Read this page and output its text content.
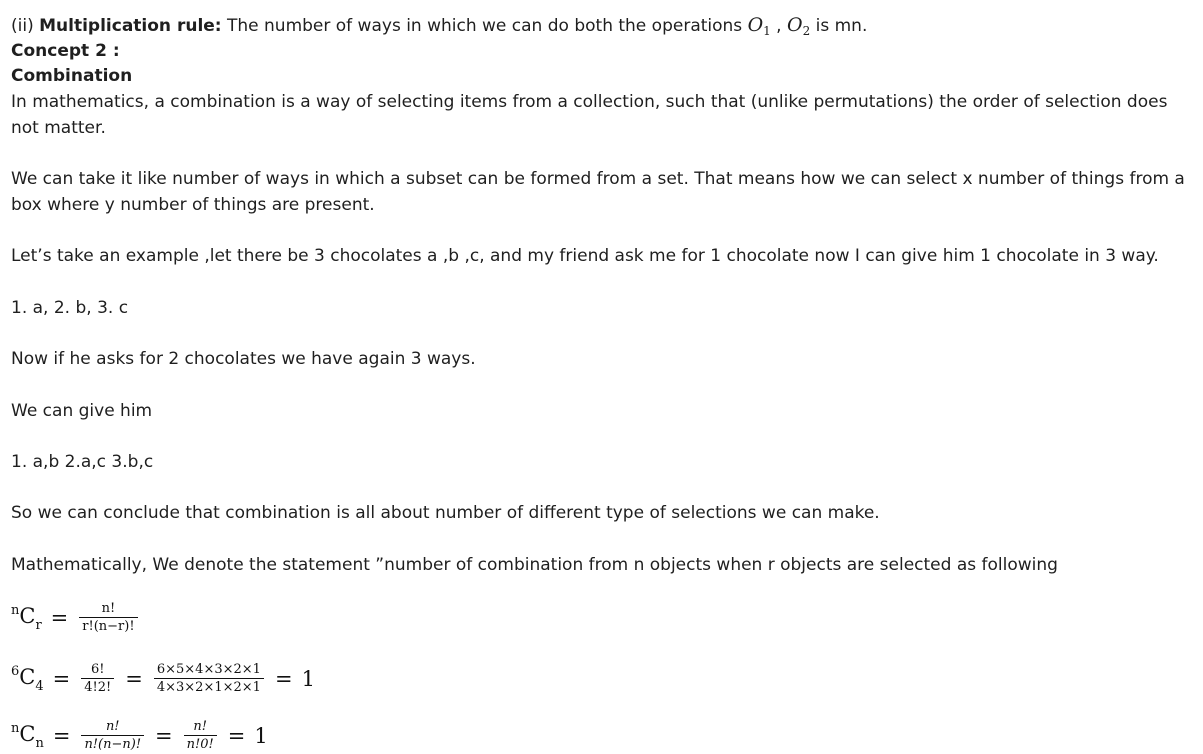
(ii) Multiplication rule: The number of ways in which we can do both the operations $O_1$ , $O_2$ is mn.
Concept 2 :
Combination
In mathematics, a combination is a way of selecting items from a collection, such that (unlike permutations) the order of selection does not matter.
We can take it like number of ways in which a subset can be formed from a set. That means how we can select x number of things from a box where y number of things are present.
Let’s take an example ,let there be 3 chocolates a ,b ,c, and my friend ask me for 1 chocolate now I can give him 1 chocolate in 3 way.
1. a, 2. b, 3. c
Now if he asks for 2 chocolates we have again 3 ways.
We can give him
1. a,b 2.a,c 3.b,c
So we can conclude that combination is all about number of different type of selections we can make.
Mathematically, We denote the statement ”number of combination from n objects when r objects are selected as following
$^nC_r = \frac{n!}{r!(n-r)!}$
$^6C_4 = \frac{6!}{4!2!} = \frac{6\times 5\times 4\times 3\times 2\times 1}{4\times 3\times 2\times 1\times 2\times 1} = 1$
$^nC_n = \frac{n!}{n!(n-n)!} = \frac{n!}{n!0!} = 1$
